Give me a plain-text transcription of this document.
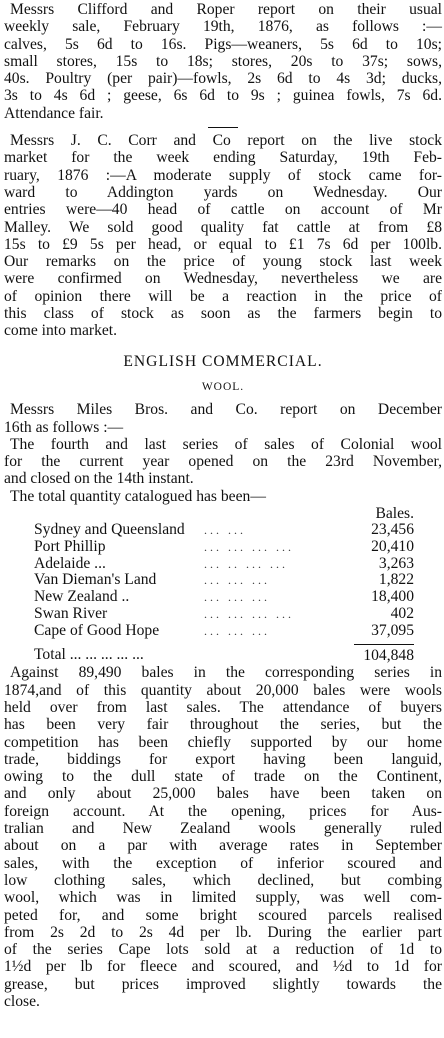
Messrs Clifford and Roper report on their usual
weekly sale, February 19th, 1876, as follows :—
calves, 5s 6d to 16s. Pigs—weaners, 5s 6d to 10s;
small stores, 15s to 18s; stores, 20s to 37s; sows,
40s. Poultry (per pair)—fowls, 2s 6d to 4s 3d; ducks,
3s to 4s 6d ; geese, 6s 6d to 9s ; guinea fowls, 7s 6d.
Attendance fair.
Messrs J. C. Corr and Co report on the live stock
market for the week ending Saturday, 19th Feb-
ruary, 1876 :—A moderate supply of stock came for-
ward to Addington yards on Wednesday. Our
entries were—40 head of cattle on account of Mr
Malley. We sold good quality fat cattle at from £8
15s to £9 5s per head, or equal to £1 7s 6d per 100lb.
Our remarks on the price of young stock last week
were confirmed on Wednesday, nevertheless we are
of opinion there will be a reaction in the price of
this class of stock as soon as the farmers begin to
come into market.
ENGLISH COMMERCIAL.
WOOL.
Messrs Miles Bros. and Co. report on December
16th as follows :—
The fourth and last series of sales of Colonial wool
for the current year opened on the 23rd November,
and closed on the 14th instant.
The total quantity catalogued has been—
		Bales.
Sydney and Queensland	... ...	23,456
Port Phillip	... ... ... ...	20,410
Adelaide ...	... .. ... ...	3,263
Van Dieman's Land	... ... ...	1,822
New Zealand ..	... ... ...	18,400
Swan River	... ... ... ...	402
Cape of Good Hope	... ... ...	37,095

Total ... ... ... ... ...		104,848
Against 89,490 bales in the corresponding series in
1874,and of this quantity about 20,000 bales were wools
held over from last sales. The attendance of buyers
has been very fair throughout the series, but the
competition has been chiefly supported by our home
trade, biddings for export having been languid,
owing to the dull state of trade on the Continent,
and only about 25,000 bales have been taken on
foreign account. At the opening, prices for Aus-
tralian and New Zealand wools generally ruled
about on a par with average rates in September
sales, with the exception of inferior scoured and
low clothing sales, which declined, but combing
wool, which was in limited supply, was well com-
peted for, and some bright scoured parcels realised
from 2s 2d to 2s 4d per lb. During the earlier part
of the series Cape lots sold at a reduction of 1d to
1½d per lb for fleece and scoured, and ½d to 1d for
grease, but prices improved slightly towards the
close.
